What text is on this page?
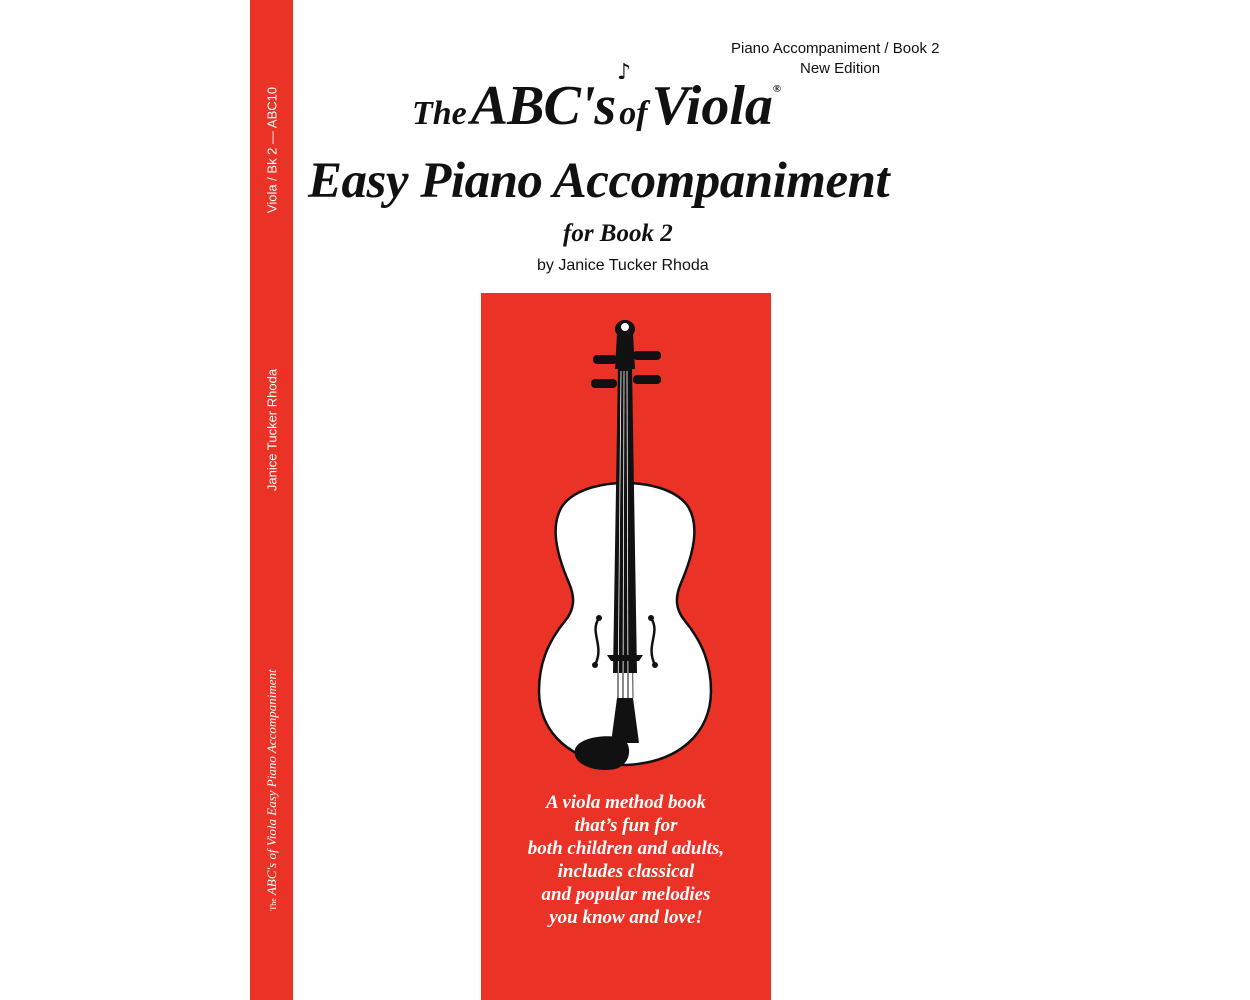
Viola / Bk 2 — ABC10
Janice Tucker Rhoda
The ABC's of Viola Easy Piano Accompaniment
Piano Accompaniment / Book 2
New Edition
The ABC's of Viola®
♪
Easy Piano Accompaniment
for Book 2
by Janice Tucker Rhoda
A viola method book
that’s fun for
both children and adults,
includes classical
and popular melodies
you know and love!
